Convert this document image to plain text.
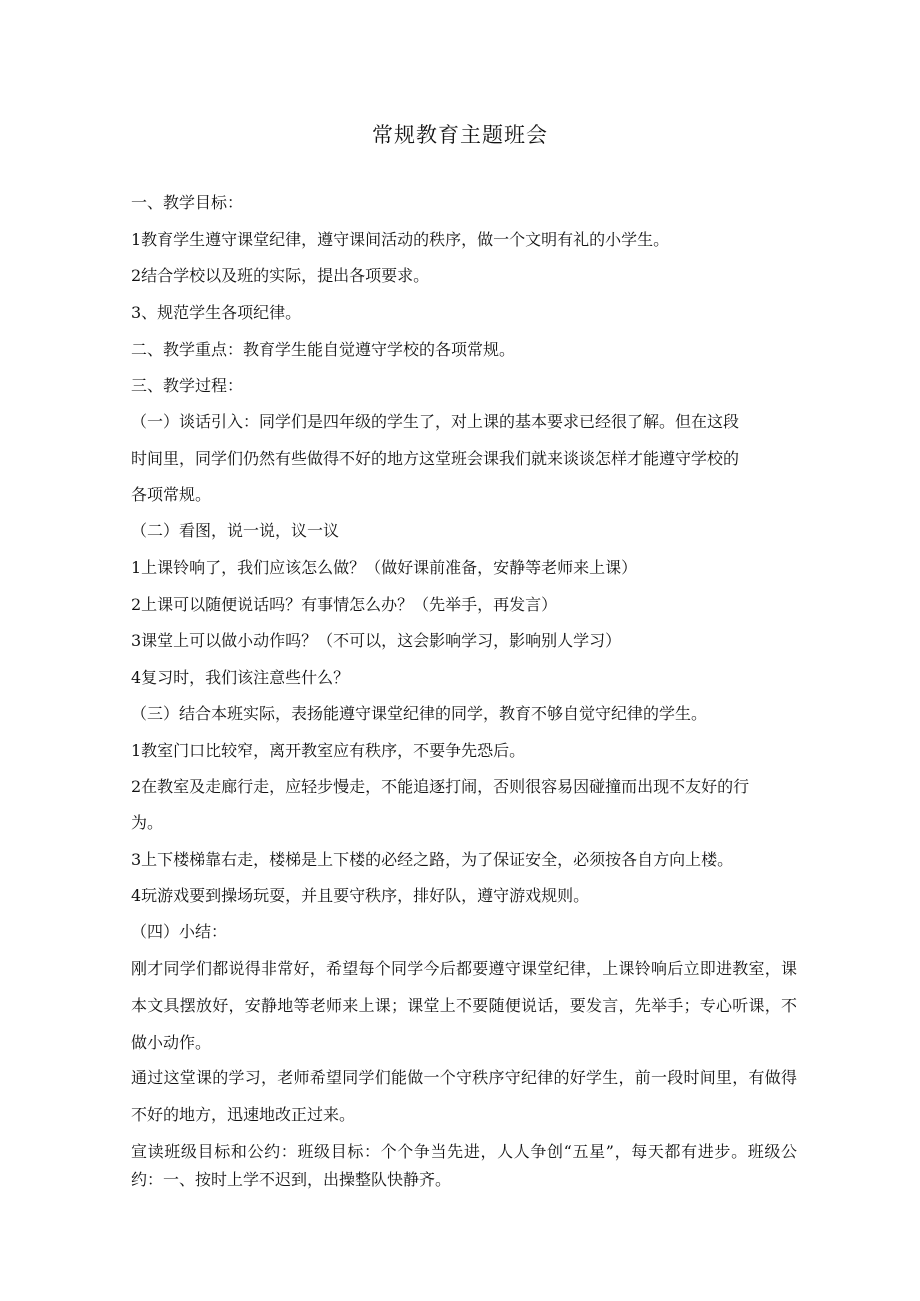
常规教育主题班会
一、教学目标：
1教育学生遵守课堂纪律，遵守课间活动的秩序，做一个文明有礼的小学生。
2结合学校以及班的实际，提出各项要求。
3、规范学生各项纪律。
二、教学重点：教育学生能自觉遵守学校的各项常规。
三、教学过程：
（一）谈话引入：同学们是四年级的学生了，对上课的基本要求已经很了解。但在这段
时间里，同学们仍然有些做得不好的地方这堂班会课我们就来谈谈怎样才能遵守学校的
各项常规。
（二）看图，说一说，议一议
1上课铃响了，我们应该怎么做？（做好课前准备，安静等老师来上课）
2上课可以随便说话吗？有事情怎么办？（先举手，再发言）
3课堂上可以做小动作吗？（不可以，这会影响学习，影响别人学习）
4复习时，我们该注意些什么？
（三）结合本班实际，表扬能遵守课堂纪律的同学，教育不够自觉守纪律的学生。
1教室门口比较窄，离开教室应有秩序，不要争先恐后。
2在教室及走廊行走，应轻步慢走，不能追逐打闹，否则很容易因碰撞而出现不友好的行
为。
3上下楼梯靠右走，楼梯是上下楼的必经之路，为了保证安全，必须按各自方向上楼。
4玩游戏要到操场玩耍，并且要守秩序，排好队，遵守游戏规则。
（四）小结：
刚才同学们都说得非常好，希望每个同学今后都要遵守课堂纪律，上课铃响后立即进教室，课本文具摆放好，安静地等老师来上课；课堂上不要随便说话，要发言，先举手；专心听课，不做小动作。
通过这堂课的学习，老师希望同学们能做一个守秩序守纪律的好学生，前一段时间里，有做得不好的地方，迅速地改正过来。
宣读班级目标和公约：班级目标：个个争当先进，人人争创“五星”，每天都有进步。班级公约：一、按时上学不迟到，出操整队快静齐。
